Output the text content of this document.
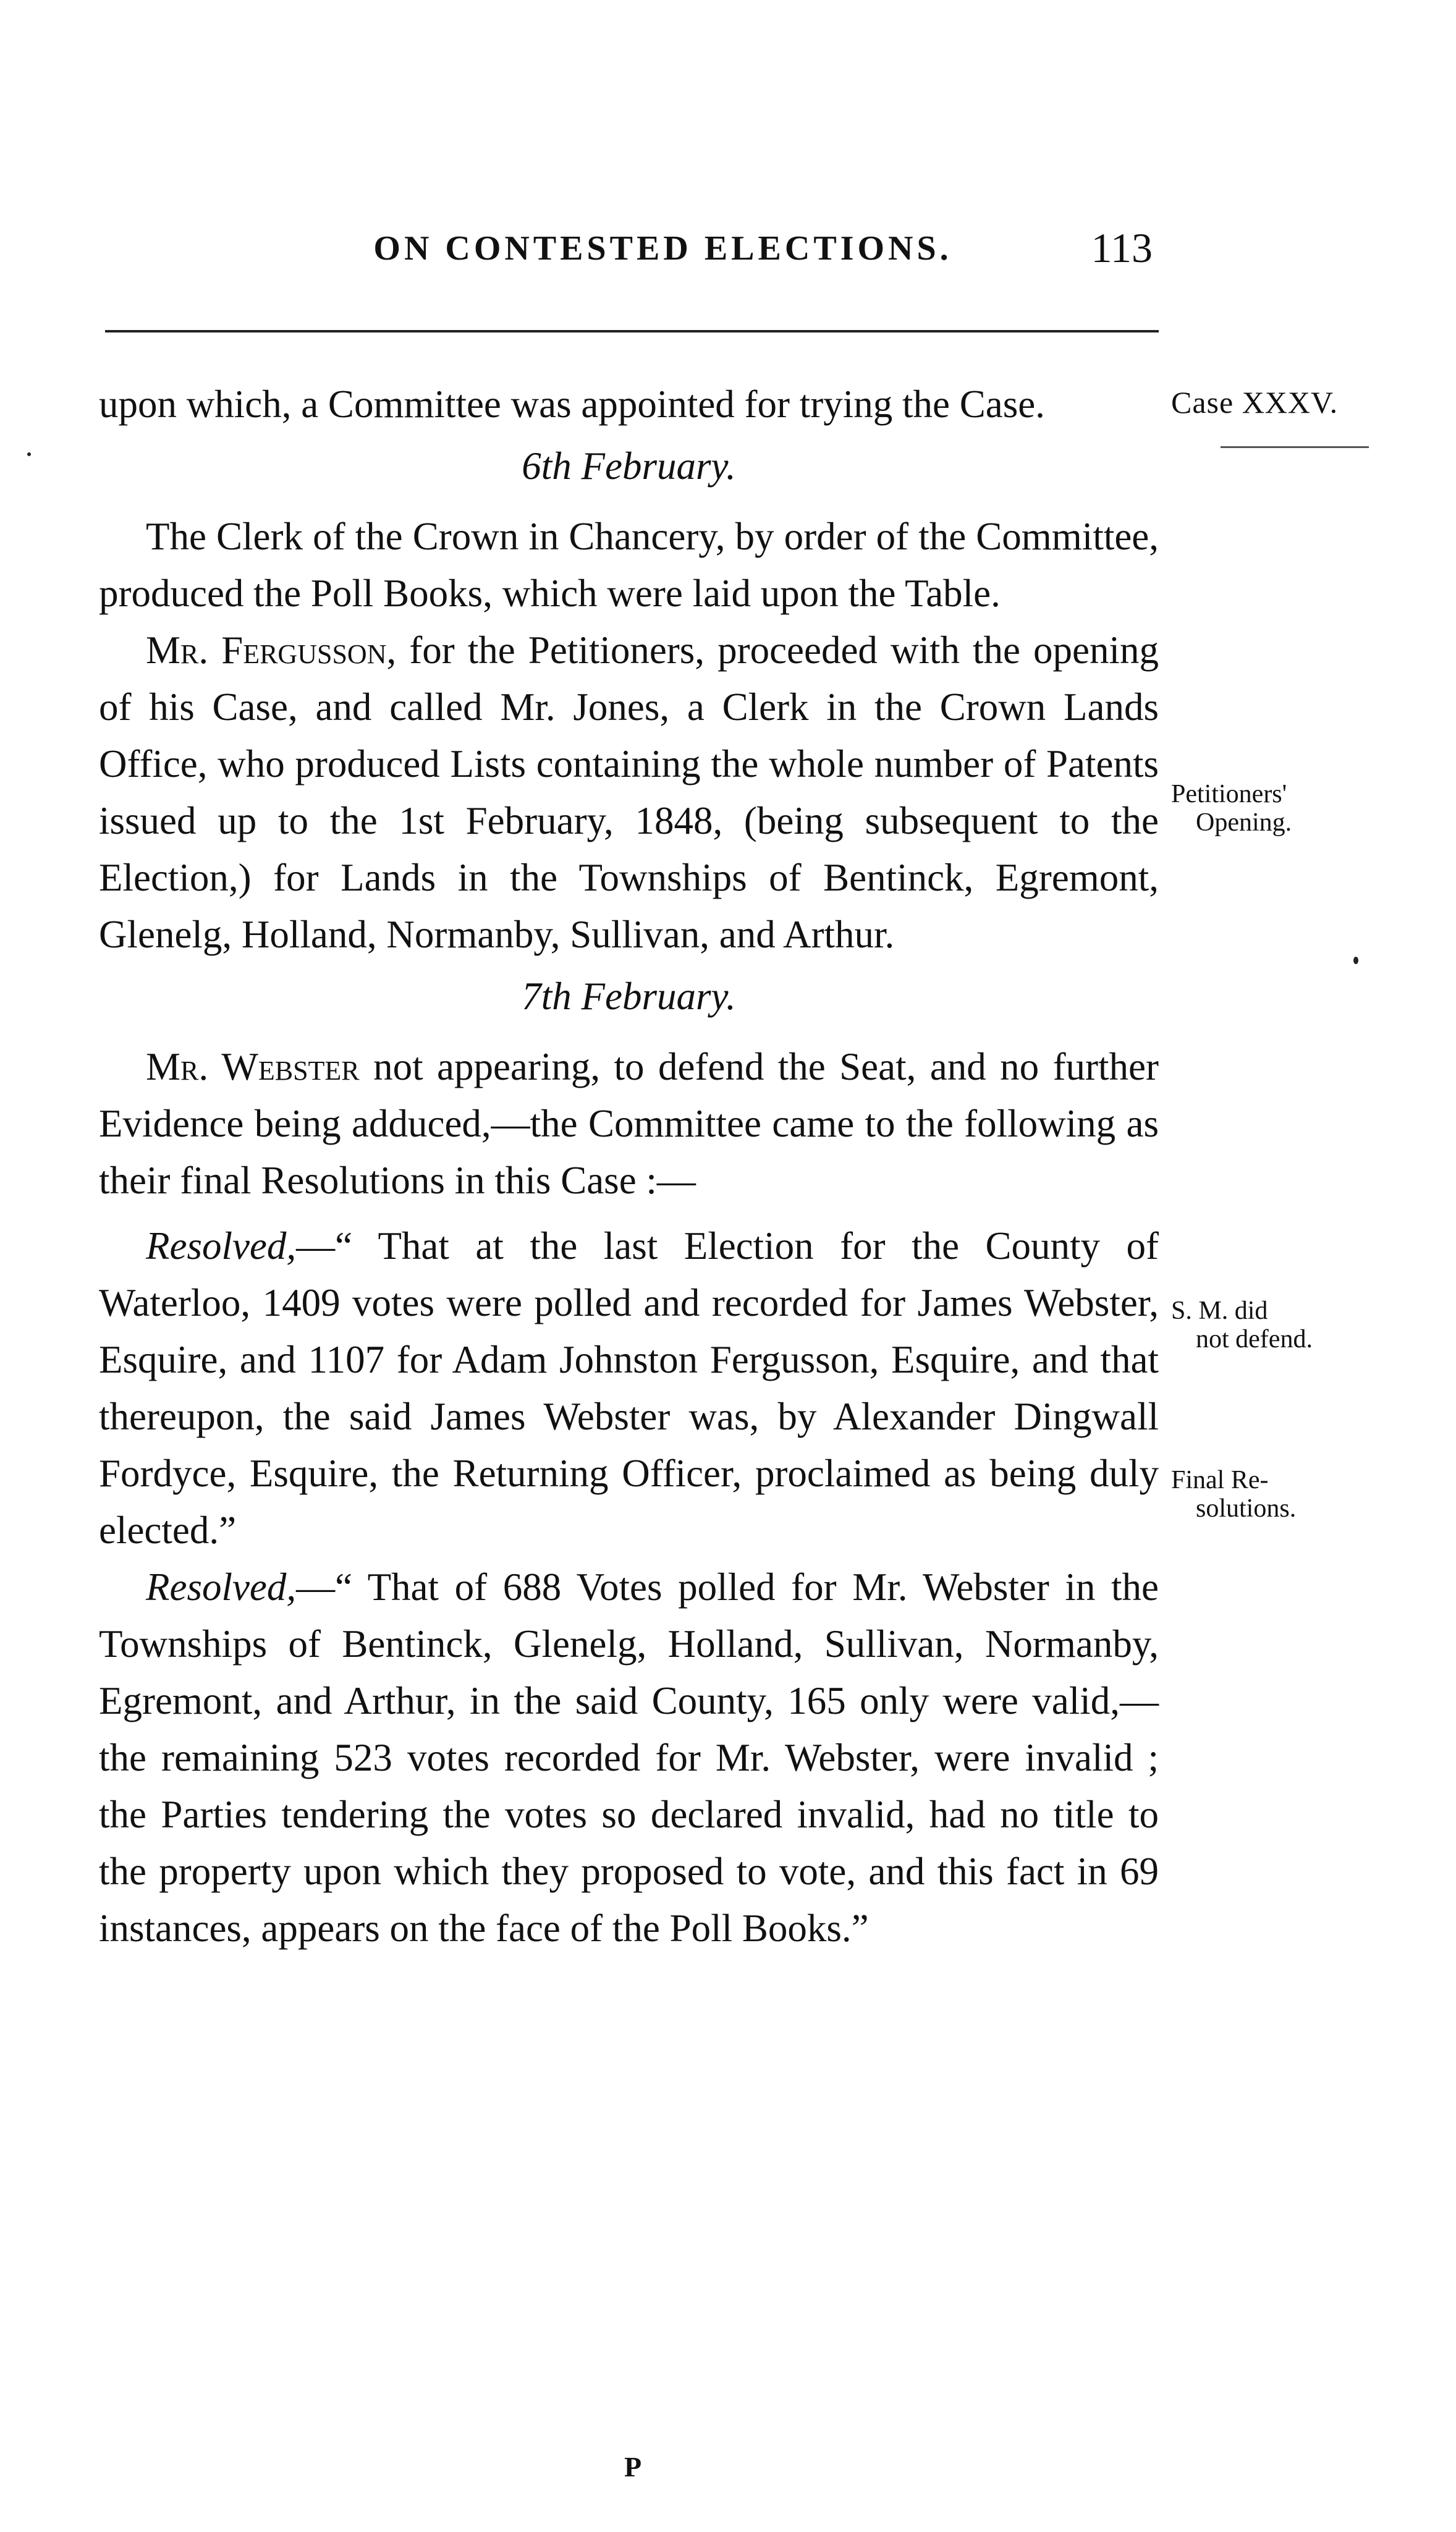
ON CONTESTED ELECTIONS.	113
Case XXXV.
Petitioners'

Opening.
S. M. did

not defend.
Final Re-

solutions.

upon which, a Committee was appointed for trying the Case.

6th February.

The Clerk of the Crown in Chancery, by order of the Committee, produced the Poll Books, which were laid upon the Table.

Mr. Fergusson, for the Petitioners, proceeded with the opening of his Case, and called Mr. Jones, a Clerk in the Crown Lands Office, who produced Lists containing the whole number of Patents issued up to the 1st February, 1848, (being subsequent to the Election,) for Lands in the Townships of Bentinck, Egremont, Glenelg, Holland, Normanby, Sullivan, and Arthur.

7th February.

Mr. Webster not appearing, to defend the Seat, and no further Evidence being adduced,—the Committee came to the following as their final Resolutions in this Case :—

Resolved,—“ That at the last Election for the County of Waterloo, 1409 votes were polled and recorded for James Webster, Esquire, and 1107 for Adam Johnston Fergusson, Esquire, and that thereupon, the said James Webster was, by Alexander Dingwall Fordyce, Esquire, the Returning Officer, proclaimed as being duly elected.”

Resolved,—“ That of 688 Votes polled for Mr. Webster in the Townships of Bentinck, Glenelg, Holland, Sullivan, Normanby, Egremont, and Arthur, in the said County, 165 only were valid,—the remaining 523 votes recorded for Mr. Webster, were invalid ; the Parties tendering the votes so declared invalid, had no title to the property upon which they proposed to vote, and this fact in 69 instances, appears on the face of the Poll Books.”

P
